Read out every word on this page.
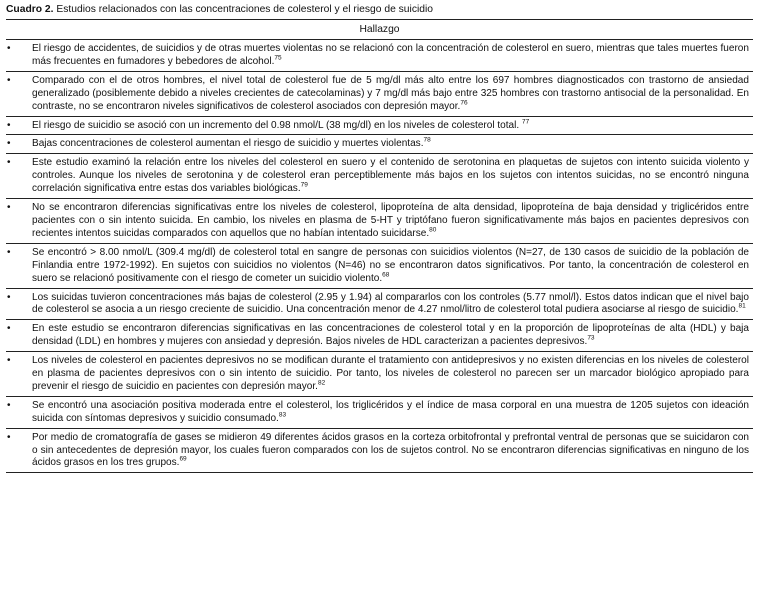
Cuadro 2. Estudios relacionados con las concentraciones de colesterol y el riesgo de suicidio
Hallazgo
• El riesgo de accidentes, de suicidios y de otras muertes violentas no se relacionó con la concentración de colesterol en suero, mientras que tales muertes fueron más frecuentes en fumadores y bebedores de alcohol.$^{75}$
• Comparado con el de otros hombres, el nivel total de colesterol fue de 5 mg/dl más alto entre los 697 hombres diagnosticados con trastorno de ansiedad generalizado (posiblemente debido a niveles crecientes de catecolaminas) y 7 mg/dl más bajo entre 325 hombres con trastorno antisocial de la personalidad. En contraste, no se encontraron niveles significativos de colesterol asociados con depresión mayor.$^{76}$
• El riesgo de suicidio se asoció con un incremento del 0.98 nmol/L (38 mg/dl) en los niveles de colesterol total. $^{77}$
• Bajas concentraciones de colesterol aumentan el riesgo de suicidio y muertes violentas.$^{78}$
• Este estudio examinó la relación entre los niveles del colesterol en suero y el contenido de serotonina en plaquetas de sujetos con intento suicida violento y controles. Aunque los niveles de serotonina y de colesterol eran perceptiblemente más bajos en los sujetos con intentos suicidas, no se encontró ninguna correlación significativa entre estas dos variables biológicas.$^{79}$
• No se encontraron diferencias significativas entre los niveles de colesterol, lipoproteína de alta densidad, lipoproteína de baja densidad y triglicéridos entre pacientes con o sin intento suicida. En cambio, los niveles en plasma de 5-HT y triptófano fueron significativamente más bajos en pacientes depresivos con recientes intentos suicidas comparados con aquellos que no habían intentado suicidarse.$^{80}$
• Se encontró > 8.00 nmol/L (309.4 mg/dl) de colesterol total en sangre de personas con suicidios violentos (N=27, de 130 casos de suicidio de la población de Finlandia entre 1972-1992). En sujetos con suicidios no violentos (N=46) no se encontraron datos significativos. Por tanto, la concentración de colesterol en suero se relacionó positivamente con el riesgo de cometer un suicidio violento.$^{68}$
• Los suicidas tuvieron concentraciones más bajas de colesterol (2.95 y 1.94) al compararlos con los controles (5.77 nmol/l). Estos datos indican que el nivel bajo de colesterol se asocia a un riesgo creciente de suicidio. Una concentración menor de 4.27 nmol/litro de colesterol total pudiera asociarse al riesgo de suicidio.$^{81}$
• En este estudio se encontraron diferencias significativas en las concentraciones de colesterol total y en la proporción de lipoproteínas de alta (HDL) y baja densidad (LDL) en hombres y mujeres con ansiedad y depresión. Bajos niveles de HDL caracterizan a pacientes depresivos.$^{73}$
• Los niveles de colesterol en pacientes depresivos no se modifican durante el tratamiento con antidepresivos y no existen diferencias en los niveles de colesterol en plasma de pacientes depresivos con o sin intento de suicidio. Por tanto, los niveles de colesterol no parecen ser un marcador biológico apropiado para prevenir el riesgo de suicidio en pacientes con depresión mayor.$^{82}$
• Se encontró una asociación positiva moderada entre el colesterol, los triglicéridos y el índice de masa corporal en una muestra de 1205 sujetos con ideación suicida con síntomas depresivos y suicidio consumado.$^{83}$
• Por medio de cromatografía de gases se midieron 49 diferentes ácidos grasos en la corteza orbitofrontal y prefrontal ventral de personas que se suicidaron con o sin antecedentes de depresión mayor, los cuales fueron comparados con los de sujetos control. No se encontraron diferencias significativas en ninguno de los ácidos grasos en los tres grupos.$^{69}$
